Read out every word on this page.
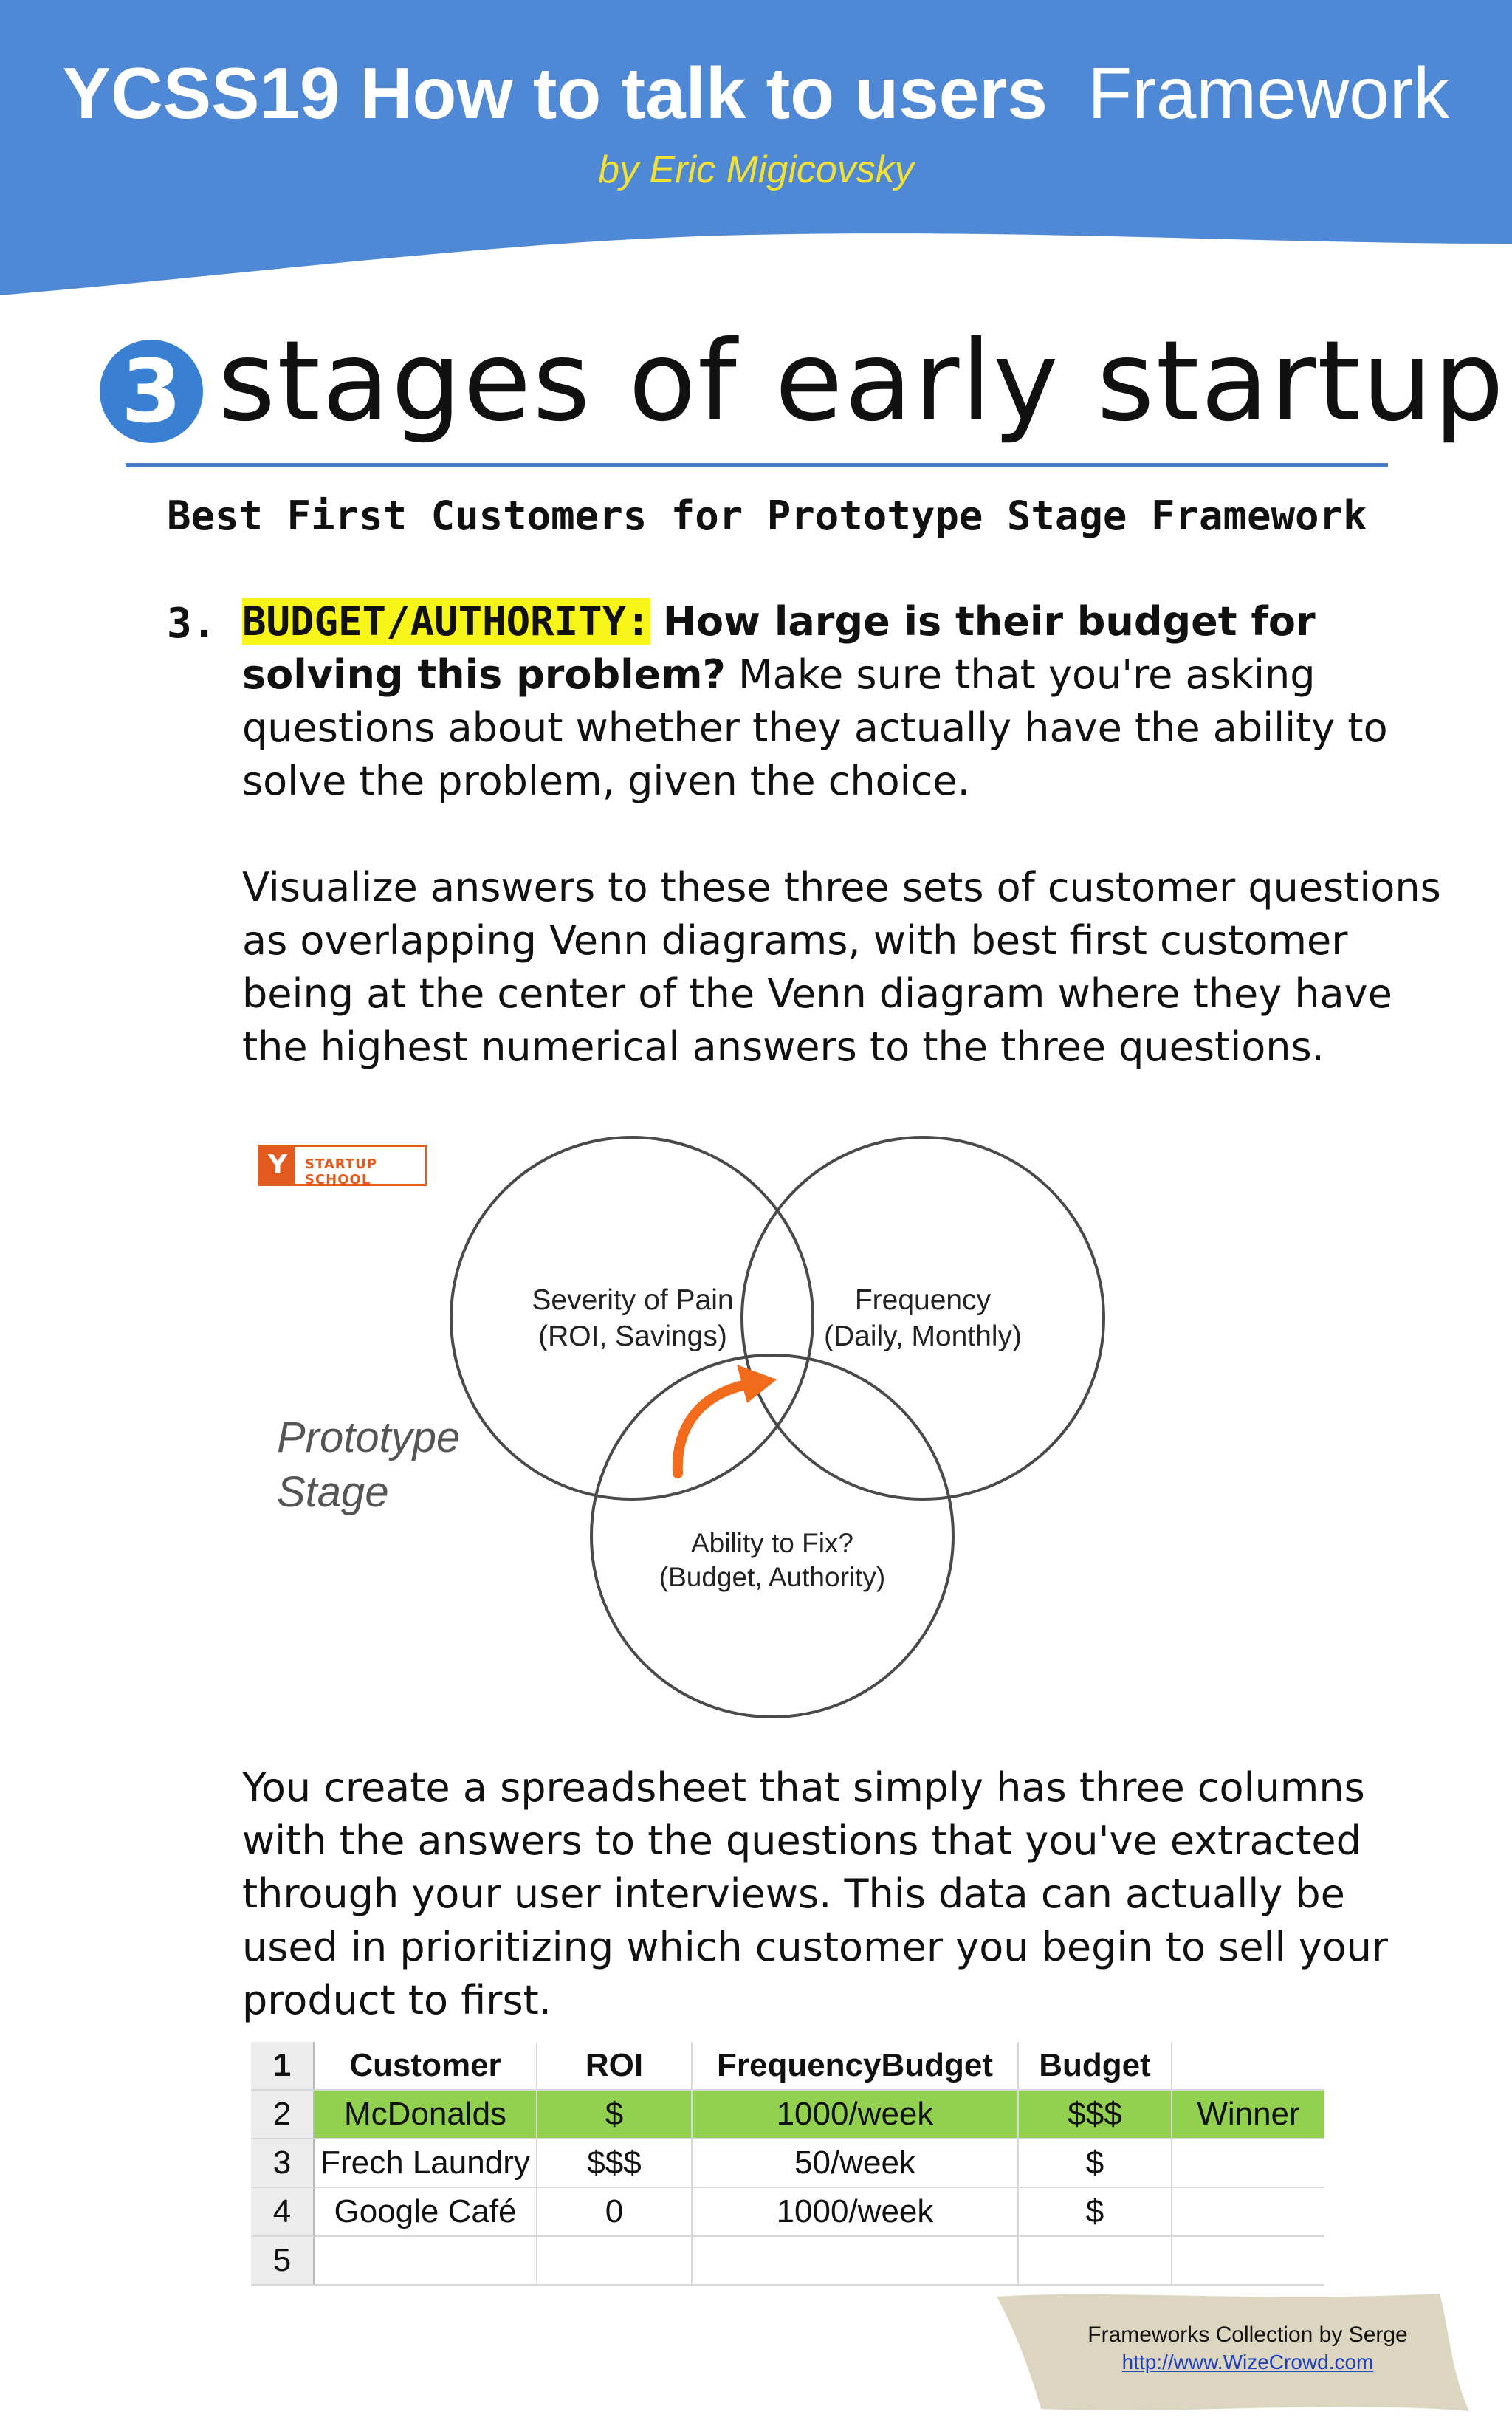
YCSS19 How to talk to users Framework
by Eric Migicovsky
3 stages of early startup
Best First Customers for Prototype Stage Framework
3. BUDGET/AUTHORITY: How large is their budget for solving this problem? Make sure that you're asking questions about whether they actually have the ability to solve the problem, given the choice.
Visualize answers to these three sets of customer questions as overlapping Venn diagrams, with best first customer being at the center of the Venn diagram where they have the highest numerical answers to the three questions.
Y	STARTUP SCHOOL
Severity of Pain
(ROI, Savings)
Frequency
(Daily, Monthly)
Ability to Fix?
(Budget, Authority)
Prototype
Stage
You create a spreadsheet that simply has three columns with the answers to the questions that you've extracted through your user interviews. This data can actually be used in prioritizing which customer you begin to sell your product to first.
1	Customer	ROI	FrequencyBudget	Budget	
2	McDonalds	$	1000/week	$$$	Winner
3	Frech Laundry	$$$	50/week	$	
4	Google Café	0	1000/week	$	
5					
Frameworks Collection by Serge
http://www.WizeCrowd.com
